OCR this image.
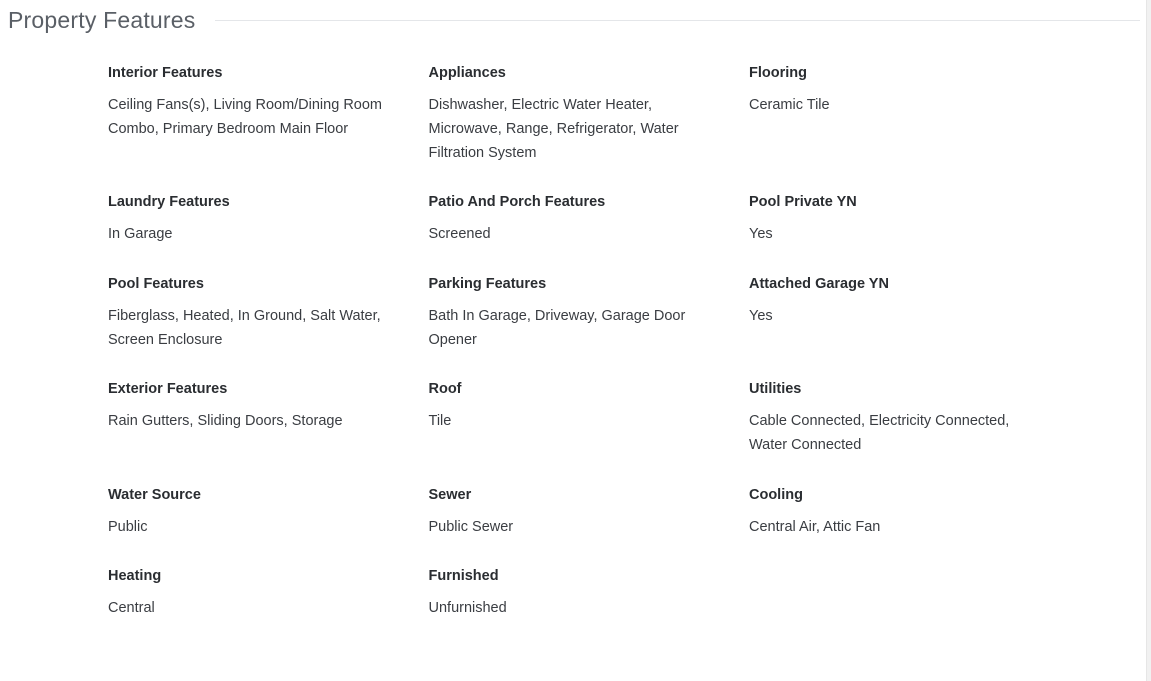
Property Features
Interior Features
Ceiling Fans(s), Living Room/Dining Room Combo, Primary Bedroom Main Floor
Appliances
Dishwasher, Electric Water Heater, Microwave, Range, Refrigerator, Water Filtration System
Flooring
Ceramic Tile
Laundry Features
In Garage
Patio And Porch Features
Screened
Pool Private YN
Yes
Pool Features
Fiberglass, Heated, In Ground, Salt Water, Screen Enclosure
Parking Features
Bath In Garage, Driveway, Garage Door Opener
Attached Garage YN
Yes
Exterior Features
Rain Gutters, Sliding Doors, Storage
Roof
Tile
Utilities
Cable Connected, Electricity Connected, Water Connected
Water Source
Public
Sewer
Public Sewer
Cooling
Central Air, Attic Fan
Heating
Central
Furnished
Unfurnished
